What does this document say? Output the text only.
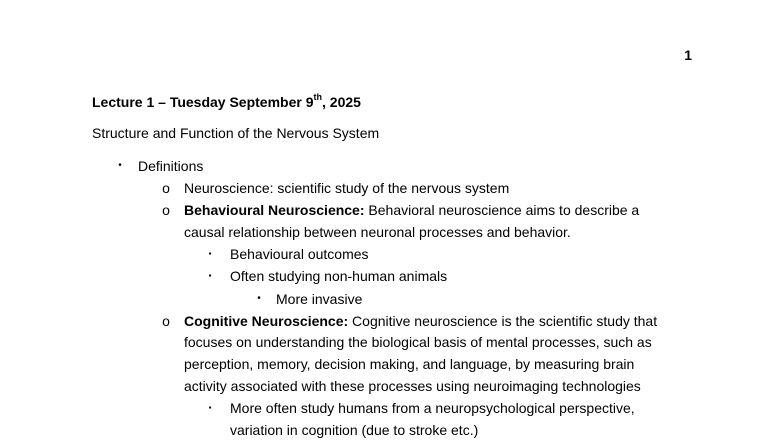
1
Lecture 1 – Tuesday September 9th, 2025
Structure and Function of the Nervous System
• Definitions
o Neuroscience: scientific study of the nervous system
o Behavioural Neuroscience: Behavioral neuroscience aims to describe a
causal relationship between neuronal processes and behavior.
▪ Behavioural outcomes
▪ Often studying non-human animals
• More invasive
o Cognitive Neuroscience: Cognitive neuroscience is the scientific study that
focuses on understanding the biological basis of mental processes, such as
perception, memory, decision making, and language, by measuring brain
activity associated with these processes using neuroimaging technologies
▪ More often study humans from a neuropsychological perspective,
variation in cognition (due to stroke etc.)
